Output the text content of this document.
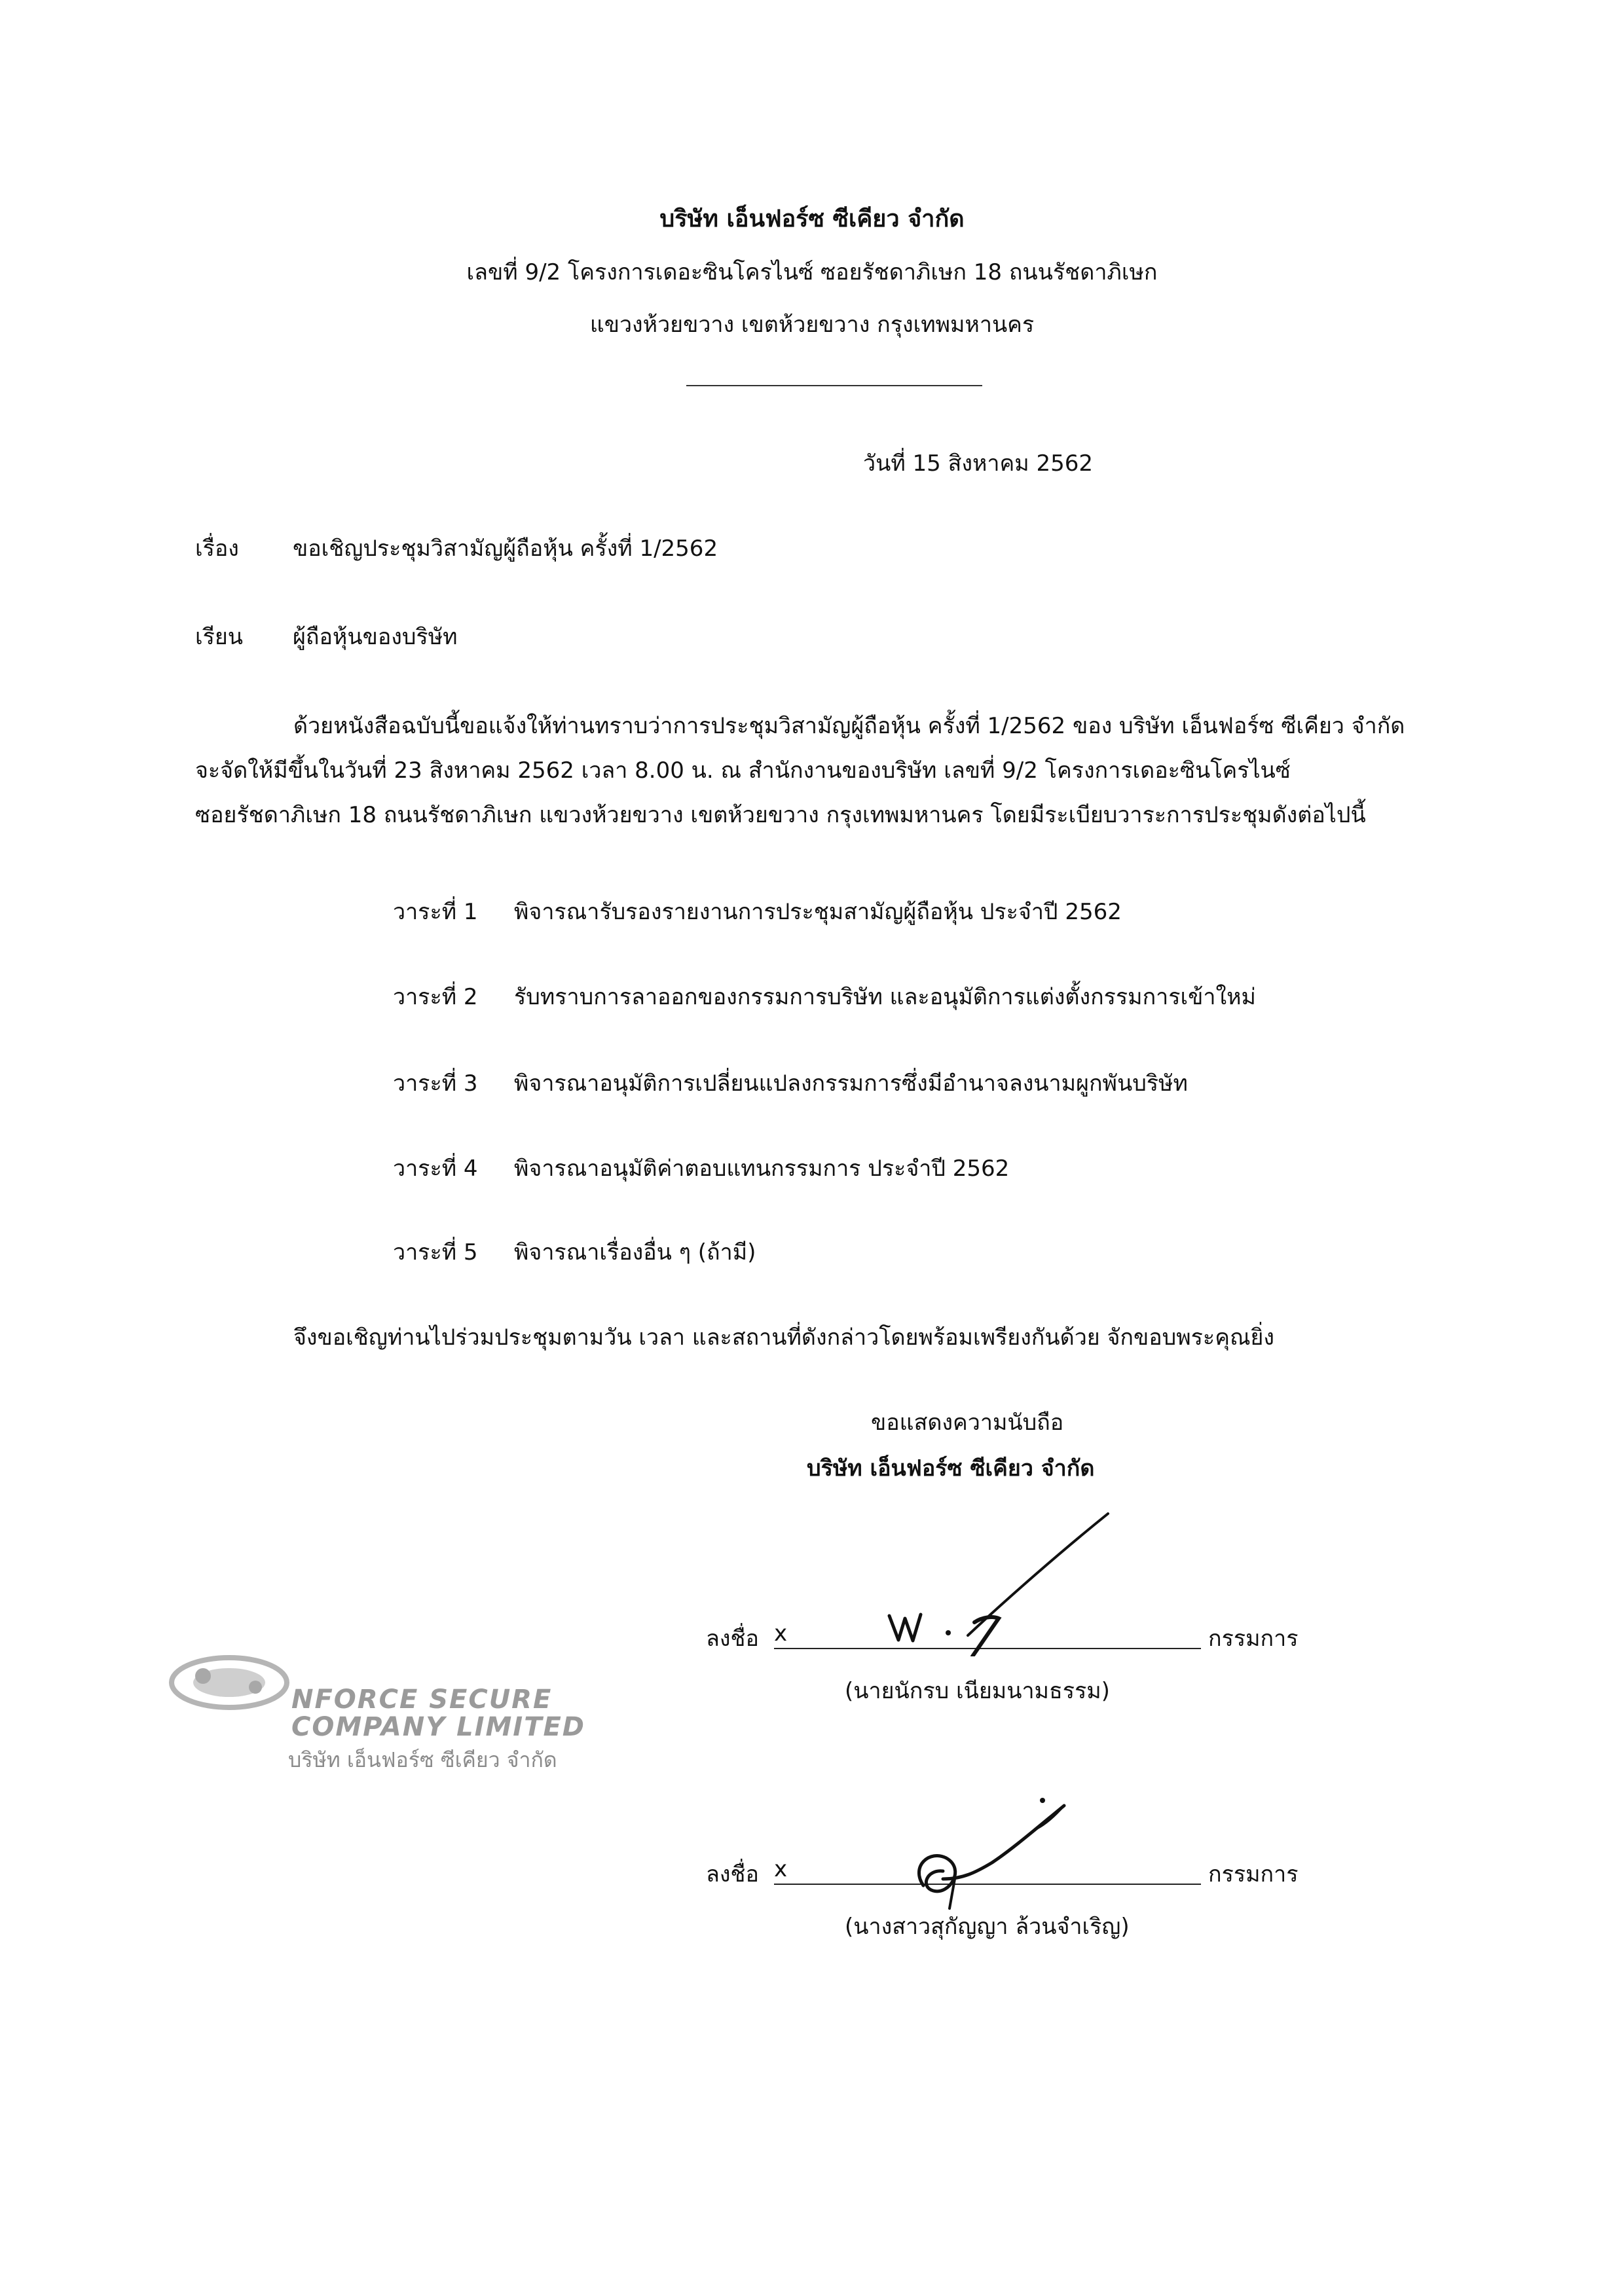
บริษัท เอ็นฟอร์ซ ซีเคียว จำกัด
เลขที่ 9/2 โครงการเดอะซินโครไนซ์ ซอยรัชดาภิเษก 18 ถนนรัชดาภิเษก
แขวงห้วยขวาง เขตห้วยขวาง กรุงเทพมหานคร
วันที่ 15 สิงหาคม 2562
เรื่อง ขอเชิญประชุมวิสามัญผู้ถือหุ้น ครั้งที่ 1/2562
เรียน ผู้ถือหุ้นของบริษัท
ด้วยหนังสือฉบับนี้ขอแจ้งให้ท่านทราบว่าการประชุมวิสามัญผู้ถือหุ้น ครั้งที่ 1/2562 ของ บริษัท เอ็นฟอร์ซ ซีเคียว จำกัด
จะจัดให้มีขึ้นในวันที่ 23 สิงหาคม 2562 เวลา 8.00 น. ณ สำนักงานของบริษัท เลขที่ 9/2 โครงการเดอะซินโครไนซ์
ซอยรัชดาภิเษก 18 ถนนรัชดาภิเษก แขวงห้วยขวาง เขตห้วยขวาง กรุงเทพมหานคร โดยมีระเบียบวาระการประชุมดังต่อไปนี้
วาระที่ 1 พิจารณารับรองรายงานการประชุมสามัญผู้ถือหุ้น ประจำปี 2562
วาระที่ 2 รับทราบการลาออกของกรรมการบริษัท และอนุมัติการแต่งตั้งกรรมการเข้าใหม่
วาระที่ 3 พิจารณาอนุมัติการเปลี่ยนแปลงกรรมการซึ่งมีอำนาจลงนามผูกพันบริษัท
วาระที่ 4 พิจารณาอนุมัติค่าตอบแทนกรรมการ ประจำปี 2562
วาระที่ 5 พิจารณาเรื่องอื่น ๆ (ถ้ามี)
จึงขอเชิญท่านไปร่วมประชุมตามวัน เวลา และสถานที่ดังกล่าวโดยพร้อมเพรียงกันด้วย จักขอบพระคุณยิ่ง
ขอแสดงความนับถือ
บริษัท เอ็นฟอร์ซ ซีเคียว จำกัด
ลงชื่อ x	กรรมการ
(นายนักรบ เนียมนามธรรม)
ลงชื่อ x	กรรมการ
(นางสาวสุกัญญา ล้วนจำเริญ)
NFORCE SECURE
COMPANY LIMITED
บริษัท เอ็นฟอร์ซ ซีเคียว จำกัด
